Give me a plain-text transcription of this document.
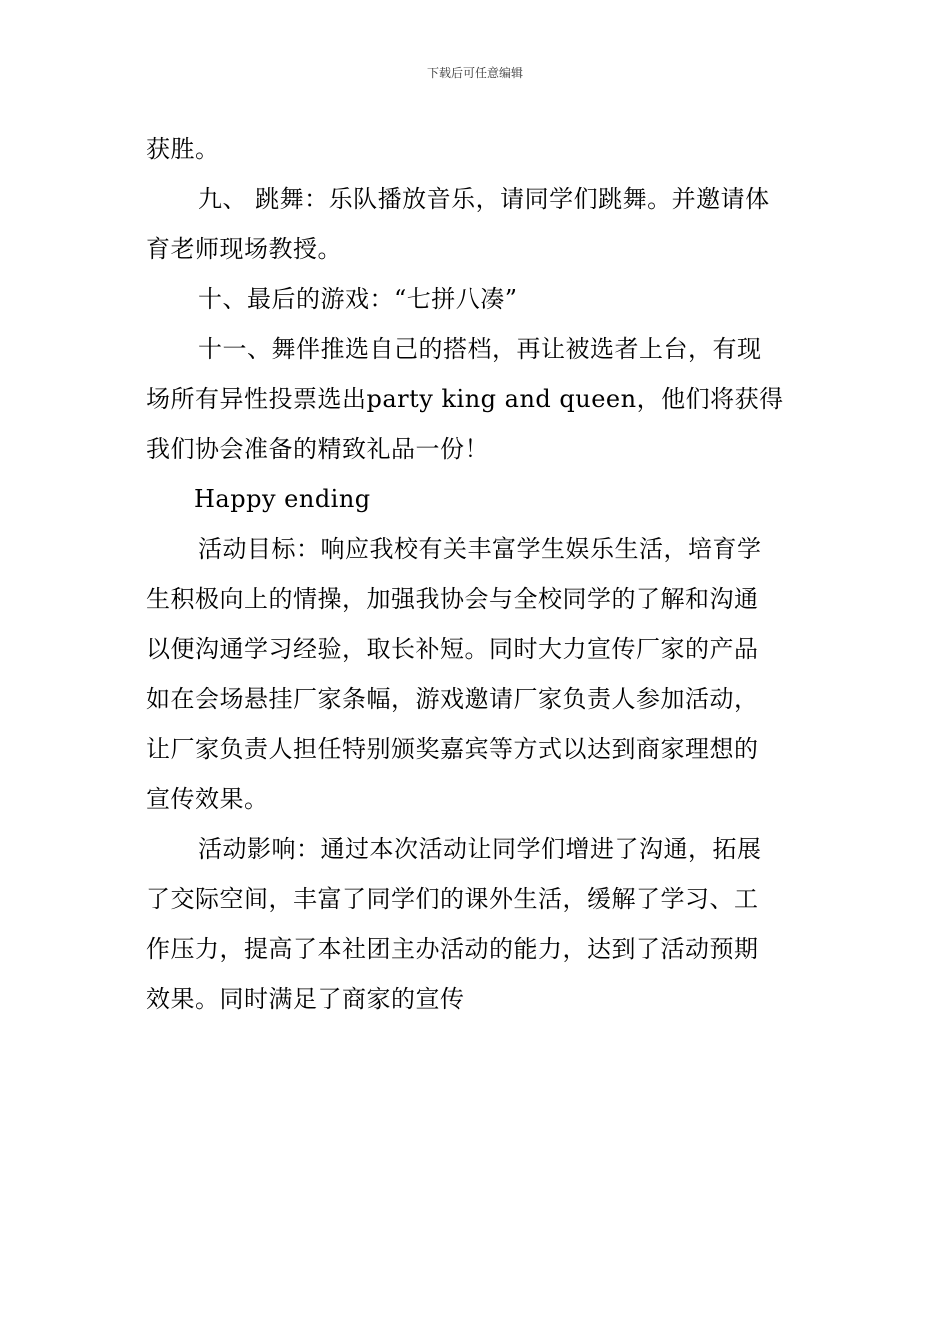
下载后可任意编辑
获胜。
九、 跳舞：乐队播放音乐，请同学们跳舞。并邀请体
育老师现场教授。
十、最后的游戏：“七拼八凑”
十一、舞伴推选自己的搭档，再让被选者上台，有现
场所有异性投票选出party king and queen，他们将获得
我们协会准备的精致礼品一份！
Happy ending
活动目标：响应我校有关丰富学生娱乐生活，培育学
生积极向上的情操，加强我协会与全校同学的了解和沟通
以便沟通学习经验，取长补短。同时大力宣传厂家的产品
如在会场悬挂厂家条幅，游戏邀请厂家负责人参加活动，
让厂家负责人担任特别颁奖嘉宾等方式以达到商家理想的
宣传效果。
活动影响：通过本次活动让同学们增进了沟通，拓展
了交际空间，丰富了同学们的课外生活，缓解了学习、工
作压力，提高了本社团主办活动的能力，达到了活动预期
效果。同时满足了商家的宣传
